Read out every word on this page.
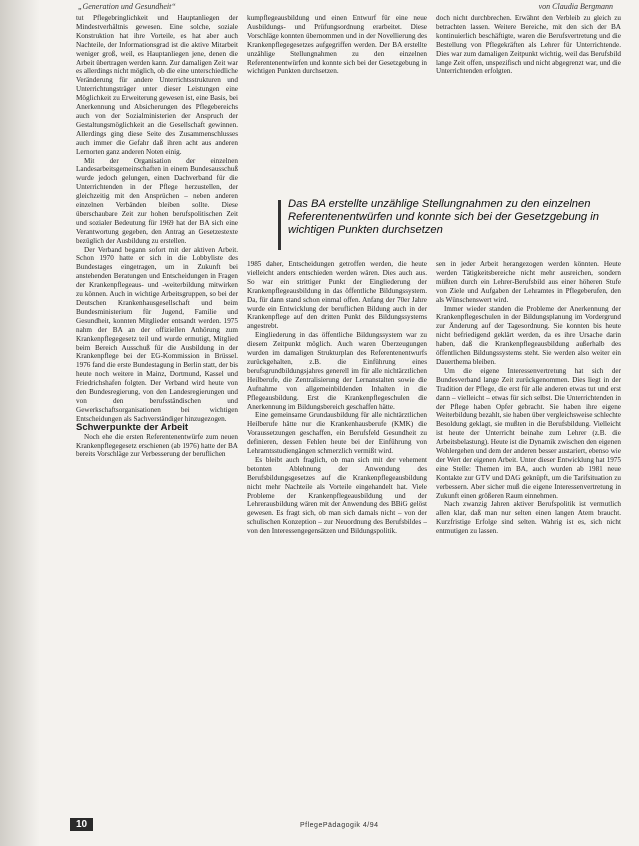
„Generation und Gesundheit“	von Claudia Bergmann

tut Pflegebringlichkeit und Hauptanliegen der Mindestverhältnis gewesen. Eine solche, soziale Konstruktion hat ihre Vorteile, es hat aber auch Nachteile, der Informationsgrad ist die aktive Mitarbeit weniger groß, weil, es Hauptanliegen jene, denen die Arbeit übertragen werden kann. Zur damaligen Zeit war es allerdings nicht möglich, ob die eine unterschiedliche Veränderung für andere Unterrichtsstrukturen und Unterrichtungsträger unter dieser Leistungen eine Möglichkeit zu Erweiterung gewesen ist, eine Basis, bei Anerkennung und Absicherungen des Pflegebereichs auch von der Sozialministerien der Anspruch der Gestaltungsmöglichkeit an die Gesellschaft gewinnen. Allerdings ging diese Seite des Zusammenschlusses auch immer die Gefahr daß ihren acht aus anderen Lernorten ganz anderen Noten einig.

Mit der Organisation der einzelnen Landesarbeitsgemeinschaften in einem Bundesausschuß wurde jedoch gelungen, einen Dachverband für die Unterrichtenden in der Pflege herzustellen, der gleichzeitig mit den Ansprüchen – neben anderen einzelnen Verbänden bleiben sollte. Diese überschaubare Zeit zur hohen berufspolitischen Zeit und sozialer Bedeutung für 1969 hat der BA sich eine Verantwortung gegeben, den Antrag an Gesetzestexte bezüglich der Ausbildung zu erstellen.

Der Verband begann sofort mit der aktiven Arbeit. Schon 1970 hatte er sich in die Lobbyliste des Bundestages eingetragen, um in Zukunft bei anstehenden Beratungen und Entscheidungen in Fragen der Krankenpflegeaus- und -weiterbildung mitwirken zu können. Auch in wichtige Arbeitsgruppen, so bei der Deutschen Krankenhausgesellschaft und beim Bundesministerium für Jugend, Familie und Gesundheit, konnten Mitglieder entsandt werden. 1975 nahm der BA an der offiziellen Anhörung zum Krankenpflegegesetz teil und wurde ermutigt, Mitglied beim Bereich Ausschuß für die Ausbildung in der Krankenpflege bei der EG-Kommission in Brüssel. 1976 fand die erste Bundestagung in Berlin statt, der bis heute noch weitere in Mainz, Dortmund, Kassel und Friedrichshafen folgten. Der Verband wird heute von den Bundesregierung, von den Landesregierungen und von den berufsständischen und Gewerkschaftsorganisationen bei wichtigen Entscheidungen als Sachverständiger hinzugezogen.

Schwerpunkte der Arbeit

Noch ehe die ersten Referentenentwürfe zum neuen Krankenpflegegesetz erschienen (ab 1976) hatte der BA bereits Vorschläge zur Verbesserung der beruflichen

kumpflegeausbildung und einen Entwurf für eine neue Ausbildungs- und Prüfungsordnung erarbeitet. Diese Vorschläge konnten übernommen und in der Novellierung des Krankenpflegegesetzes aufgegriffen werden. Der BA erstellte unzählige Stellungnahmen zu den einzelnen Referentenentwürfen und konnte sich bei der Gesetzgebung in wichtigen Punkten durchsetzen.

doch nicht durchbrechen. Erwähnt den Verbleib zu gleich zu betrachten lassen. Weitere Bereiche, mit den sich der BA kontinuierlich beschäftigte, waren die Berufsvertretung und die Bestellung von Pflegekräften als Lehrer für Unterrichtende. Dies war zum damaligen Zeitpunkt wichtig, weil das Berufsbild lange Zeit offen, unspezifisch und nicht abgegrenzt war, und die Unterrichtenden erfolgten.

Das BA erstellte unzählige Stellungnahmen zu den einzelnen Referentenentwürfen und konnte sich bei der Gesetzgebung in wichtigen Punkten durchsetzen

1985 daher, Entscheidungen getroffen werden, die heute vielleicht anders entschieden werden wären. Dies auch aus. So war ein strittiger Punkt der Eingliederung der Krankenpflegeausbildung in das öffentliche Bildungssystem. Da, für dann stand schon einmal offen. Anfang der 70er Jahre wurde ein Entwicklung der beruflichen Bildung auch in der Krankenpflege auf den dritten Punkt des Bildungssystems angestrebt.

Eingliederung in das öffentliche Bildungssystem war zu diesem Zeitpunkt möglich. Auch waren Überzeugungen wurden im damaligen Strukturplan des Referentenentwurfs zurückgehalten, z.B. die Einführung eines berufsgrundbildungsjahres generell im für alle nichtärztlichen Heilberufe, die Zentralisierung der Lernanstalten sowie die Aufnahme von allgemeinbildenden Inhalten in die Pflegeausbildung. Erst die Krankenpflegeschulen die Anerkennung im Bildungsbereich geschaffen hätte.

Eine gemeinsame Grundausbildung für alle nichtärztlichen Heilberufe hätte nur die Krankenhausberufe (KMK) die Voraussetzungen geschaffen, ein Berufsfeld Gesundheit zu definieren, dessen Fehlen heute bei der Einführung von Lehramtsstudiengängen schmerzlich vermißt wird.

Es bleibt auch fraglich, ob man sich mit der vehement betonten Ablehnung der Anwendung des Berufsbildungsgesetzes auf die Krankenpflegeausbildung nicht mehr Nachteile als Vorteile eingehandelt hat. Viele Probleme der Krankenpflegeausbildung und der Lehrerausbildung wären mit der Anwendung des BBiG gelöst gewesen. Es fragt sich, ob man sich damals nicht – von der schulischen Konzeption – zur Neuordnung des Berufsbildes – von den Interessengegensätzen und Bildungspolitik.

sen in jeder Arbeit herangezogen werden könnten. Heute werden Tätigkeitsbereiche nicht mehr ausreichen, sondern müßten durch ein Lehrer-Berufsbild aus einer höheren Stufe von Ziele und Aufgaben der Lehramtes in Pflegeberufen, den als Wünschenswert wird.

Immer wieder standen die Probleme der Anerkennung der Krankenpflegeschulen in der Bildungsplanung im Vordergrund zur Änderung auf der Tagesordnung. Sie konnten bis heute nicht befriedigend geklärt werden, da es ihre Ursache darin haben, daß die Krankenpflegeausbildung außerhalb des öffentlichen Bildungssystems steht. Sie werden also weiter ein Dauerthema bleiben.

Um die eigene Interessenvertretung hat sich der Bundesverband lange Zeit zurückgenommen. Dies liegt in der Tradition der Pflege, die erst für alle anderen etwas tut und erst dann – vielleicht – etwas für sich selbst. Die Unterrichtenden in der Pflege haben Opfer gebracht. Sie haben ihre eigene Weiterbildung bezahlt, sie haben über vergleichsweise schlechte Besoldung geklagt, sie mußten in die Berufsbildung. Vielleicht ist heute der Unterricht beinahe zum Lehrer (z.B. die Arbeitsbelastung). Heute ist die Dynamik zwischen den eigenen Wohlergehen und dem der anderen besser austariert, ebenso wie der Wert der eigenen Arbeit. Unter dieser Entwicklung hat 1975 eine Stelle: Themen im BA, auch wurden ab 1981 neue Kontakte zur GTV und DAG geknüpft, um die Tarifsituation zu verbessern. Aber sicher muß die eigene Interessenvertretung in Zukunft einen größeren Raum einnehmen.

Nach zwanzig Jahren aktiver Berufspolitik ist vermutlich allen klar, daß man nur selten einen langen Atem braucht. Kurzfristige Erfolge sind selten. Wahrig ist es, sich nicht entmutigen zu lassen.

10	PflegePädagogik 4/94
